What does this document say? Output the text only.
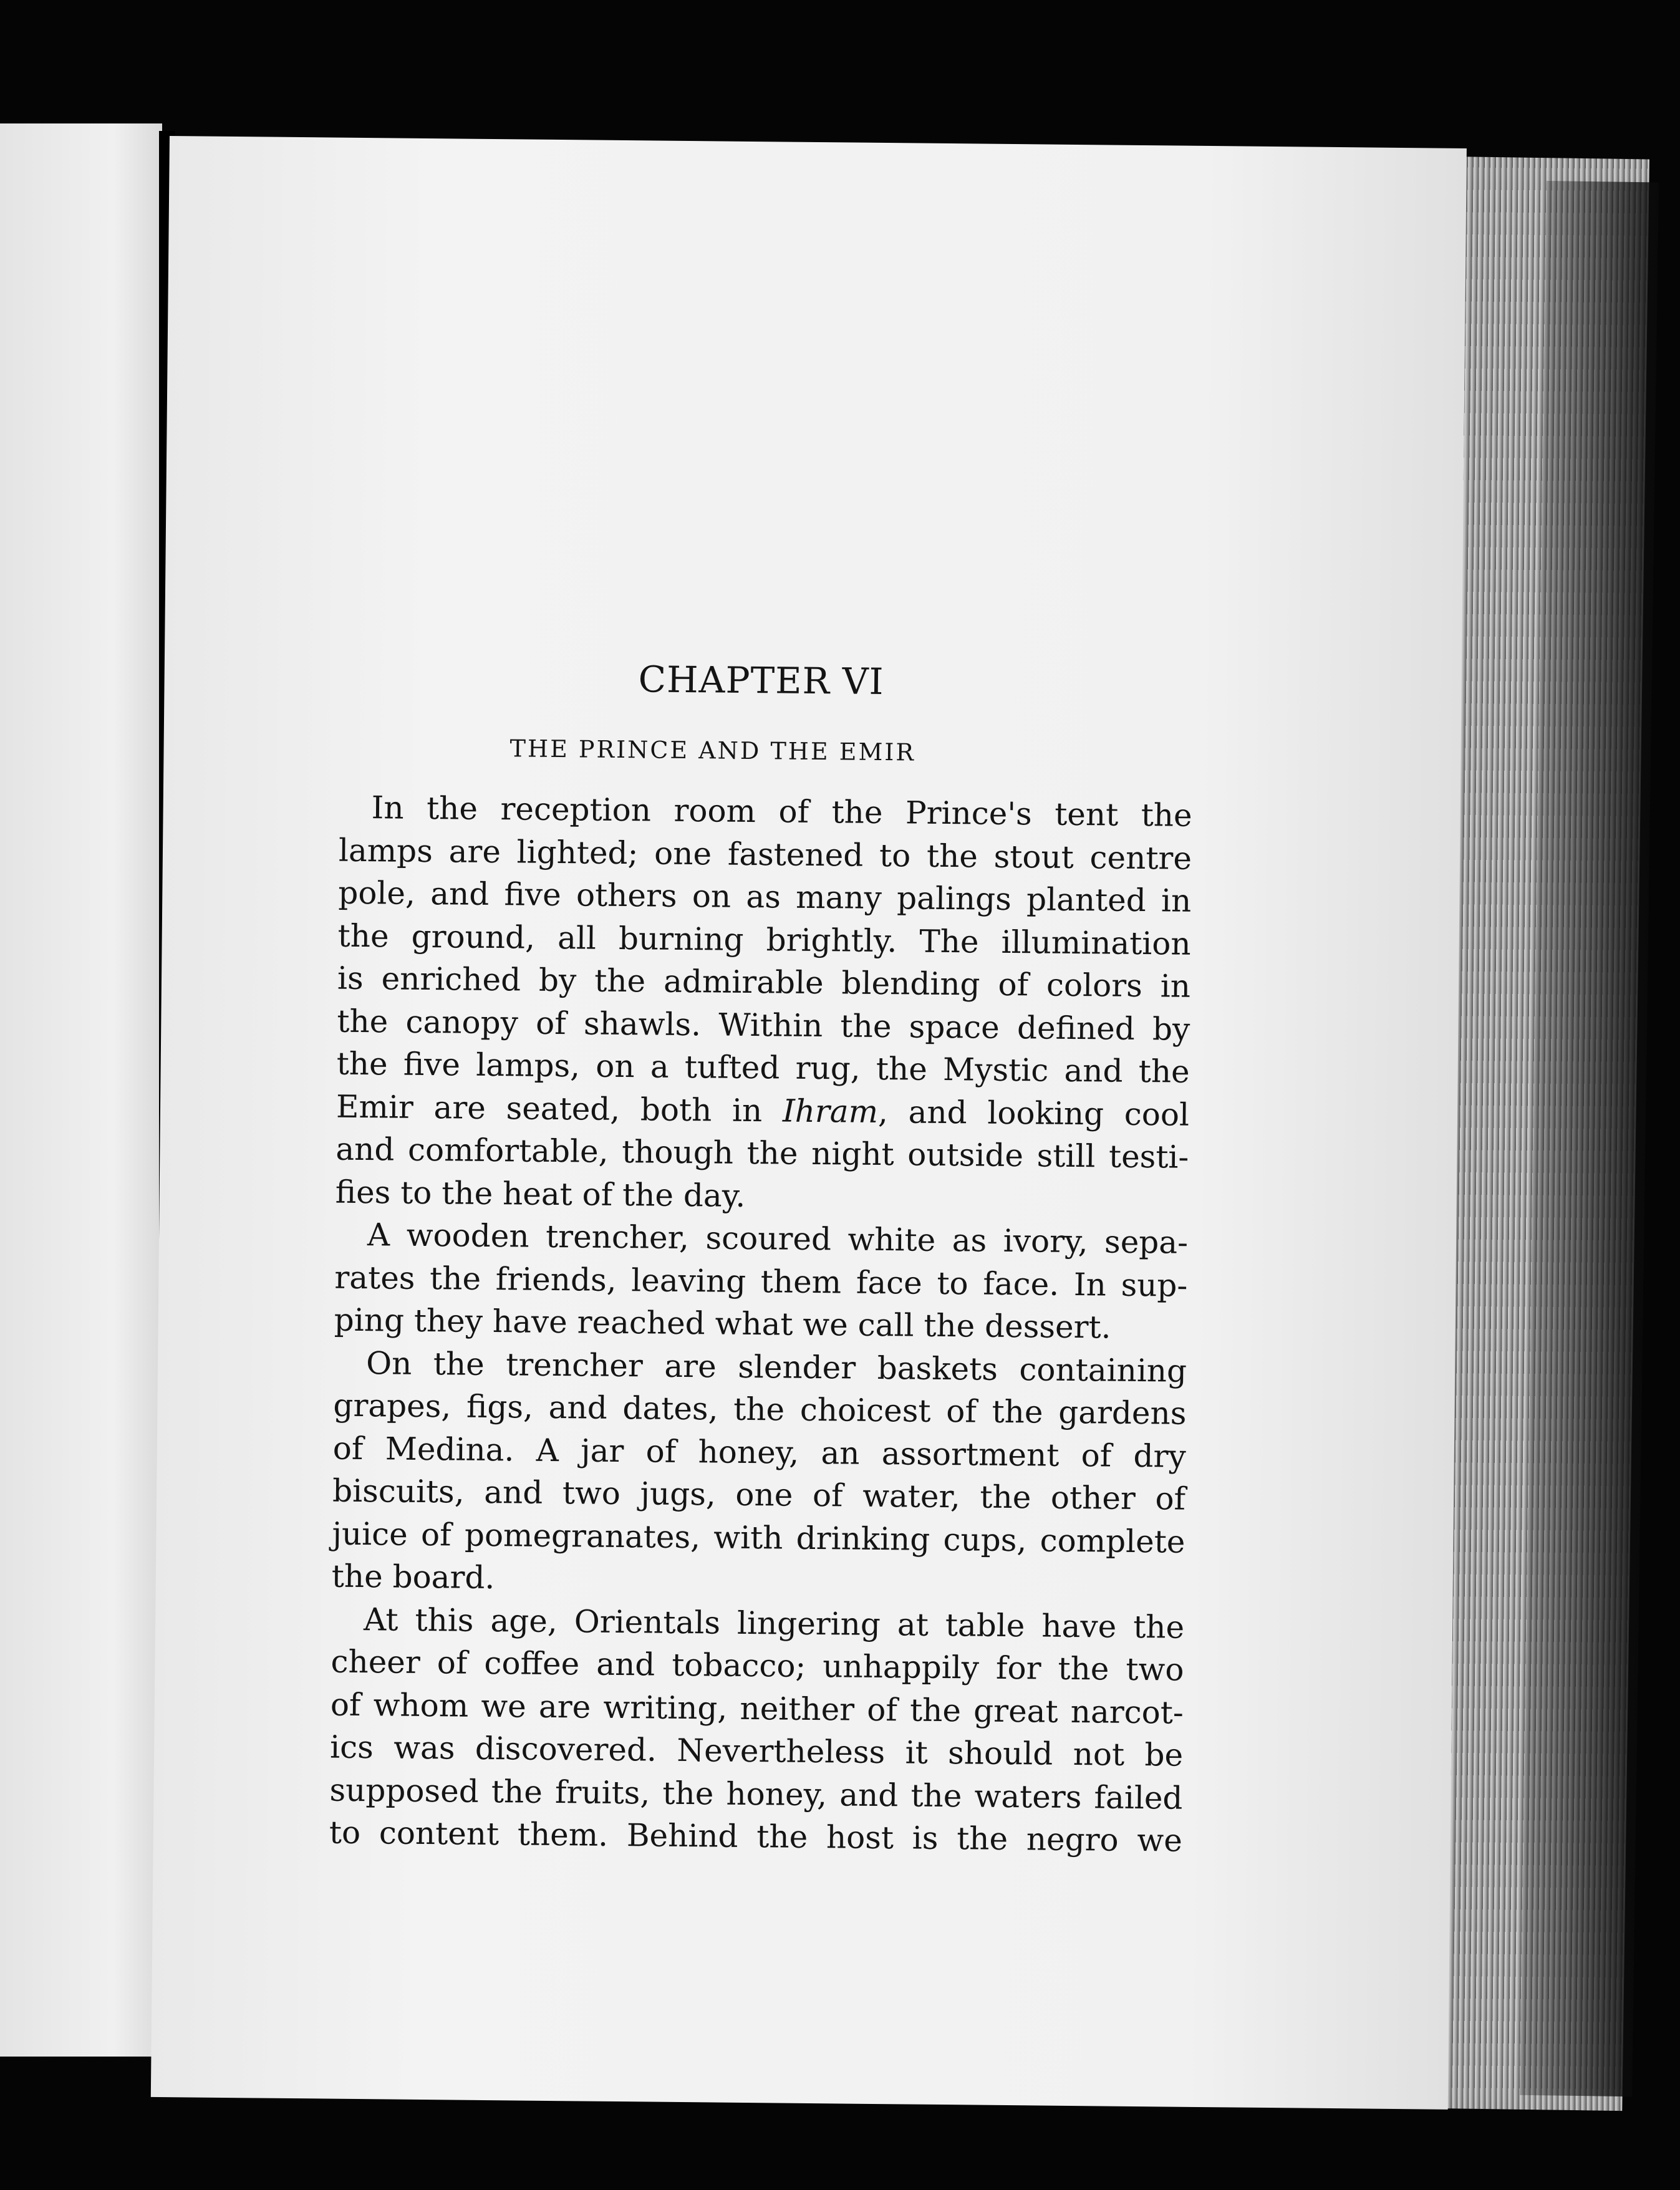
CHAPTER VI
THE PRINCE AND THE EMIR

In the reception room of the Prince's tent the
lamps are lighted; one fastened to the stout centre
pole, and five others on as many palings planted in
the ground, all burning brightly. The illumination
is enriched by the admirable blending of colors in
the canopy of shawls. Within the space defined by
the five lamps, on a tufted rug, the Mystic and the
Emir are seated, both in Ihram, and looking cool
and comfortable, though the night outside still testi-
fies to the heat of the day.

A wooden trencher, scoured white as ivory, sepa-
rates the friends, leaving them face to face. In sup-
ping they have reached what we call the dessert.

On the trencher are slender baskets containing
grapes, figs, and dates, the choicest of the gardens
of Medina. A jar of honey, an assortment of dry
biscuits, and two jugs, one of water, the other of
juice of pomegranates, with drinking cups, complete
the board.

At this age, Orientals lingering at table have the
cheer of coffee and tobacco; unhappily for the two
of whom we are writing, neither of the great narcot-
ics was discovered. Nevertheless it should not be
supposed the fruits, the honey, and the waters failed
to content them. Behind the host is the negro we
